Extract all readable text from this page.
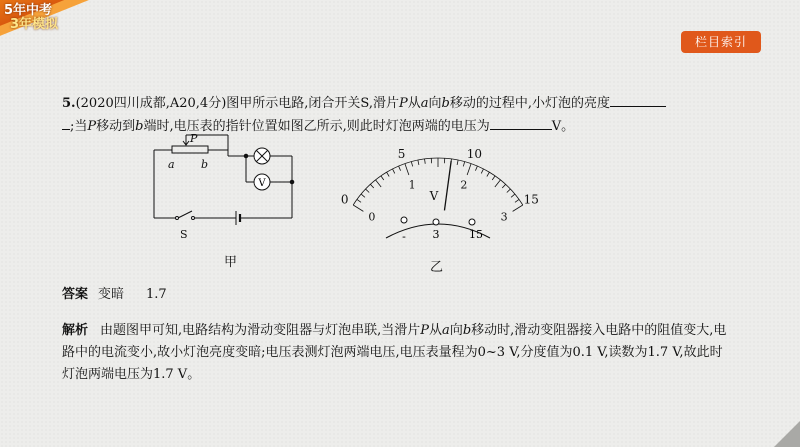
5年中考
3年模拟
栏目索引
5.(2020四川成都,A20,4分)图甲所示电路,闭合开关S,滑片P从a向b移动的过程中,小灯泡的亮度
;当P移动到b端时,电压表的指针位置如图乙所示,则此时灯泡两端的电压为	V。
V
P
a b
S
甲
0
5	10
15
0
1	2
3
V
- 3	15
乙
答案 变暗 1.7
解析 由题图甲可知,电路结构为滑动变阻器与灯泡串联,当滑片P从a向b移动时,滑动变阻器接入电路中的阻值变大,电路中的电流变小,故小灯泡亮度变暗;电压表测灯泡两端电压,电压表量程为0~3 V,分度值为0.1 V,读数为1.7 V,故此时灯泡两端电压为1.7 V。
